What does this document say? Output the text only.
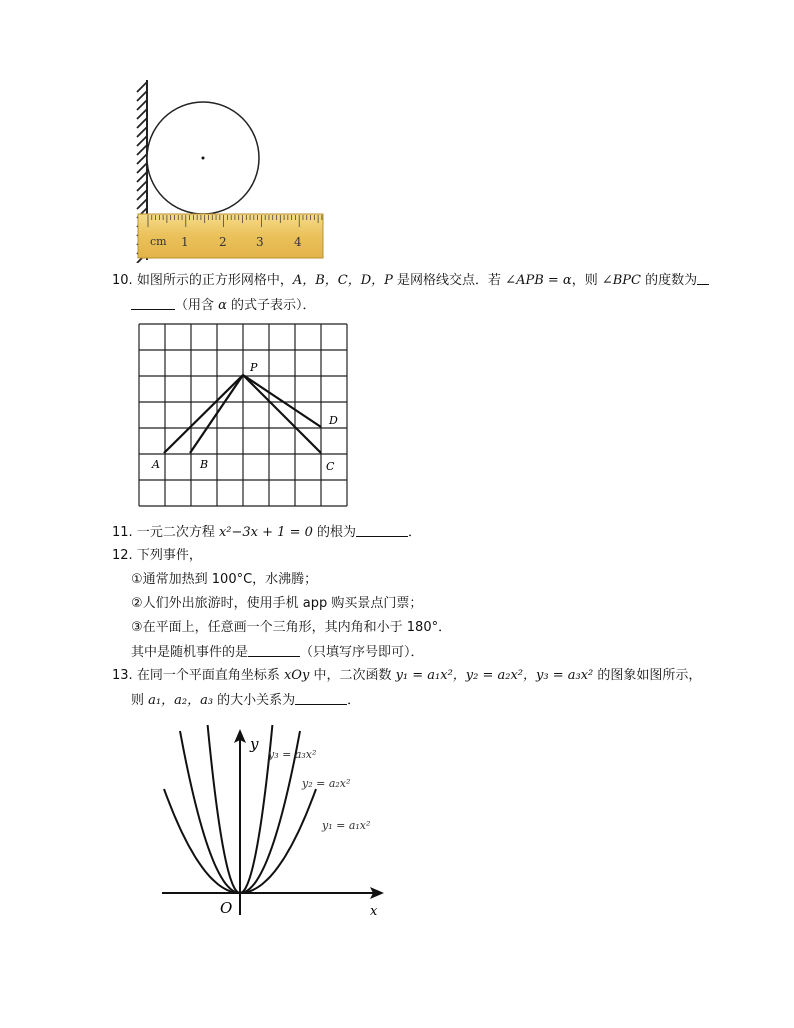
cm 1	2 3	4
10. 如图所示的正方形网格中，A，B，C，D，P 是网格线交点．若 ∠APB = α，则 ∠BPC 的度数为
（用含 α 的式子表示）．
P
D
A	B	C
11. 一元二次方程 x²−3x + 1 = 0 的根为	．
12. 下列事件，
①通常加热到 100°C，水沸腾；
②人们外出旅游时，使用手机 app 购买景点门票；
③在平面上，任意画一个三角形，其内角和小于 180°．
其中是随机事件的是	（只填写序号即可）．
13. 在同一个平面直角坐标系 xOy 中，二次函数 y₁ = a₁x²，y₂ = a₂x²，y₃ = a₃x² 的图象如图所示，
则 a₁，a₂，a₃ 的大小关系为	．
y
x
O
y₃ = a₃x²
y₂ = a₂x²
y₁ = a₁x²
